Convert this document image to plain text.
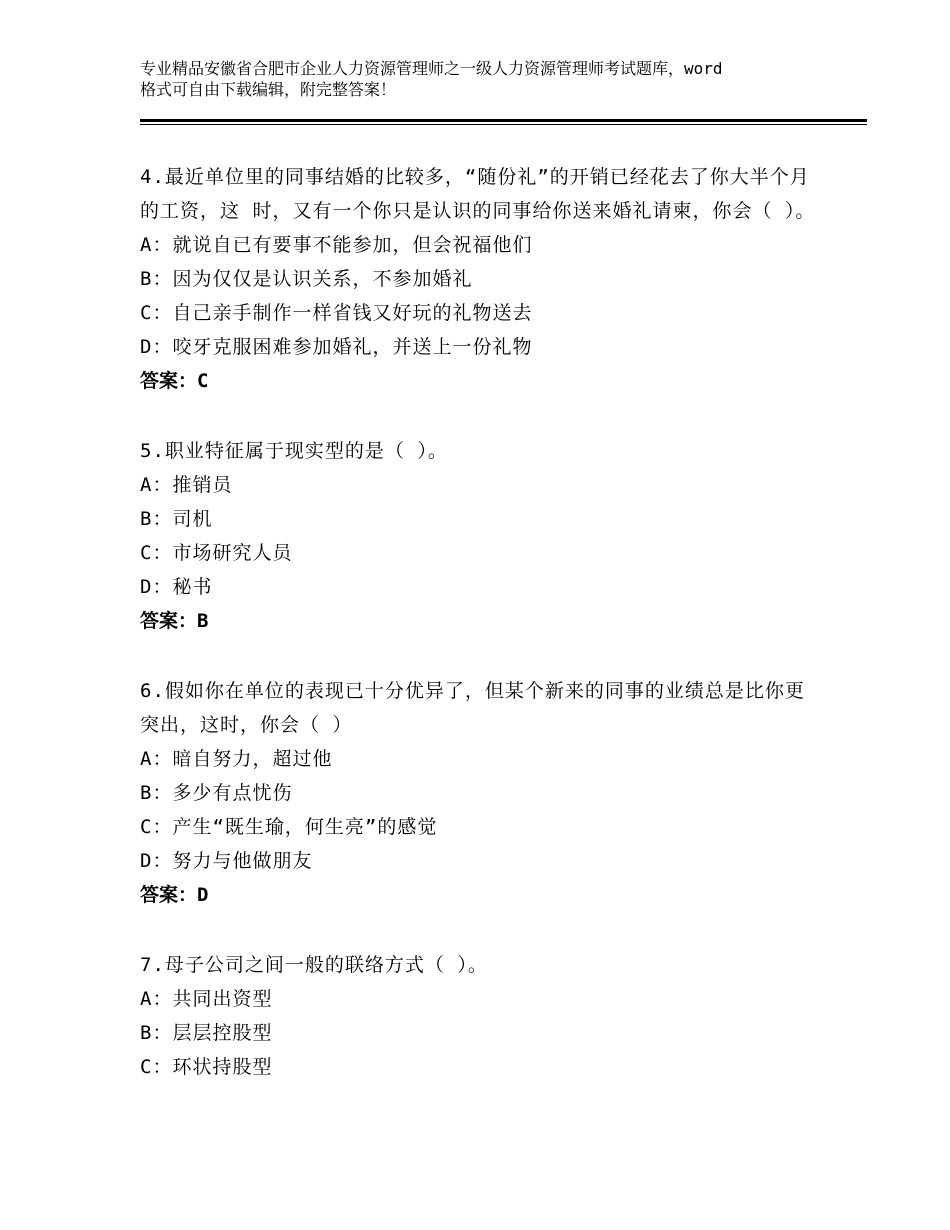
专业精品安徽省合肥市企业人力资源管理师之一级人力资源管理师考试题库，word
格式可自由下载编辑，附完整答案！

4.最近单位里的同事结婚的比较多，“随份礼”的开销已经花去了你大半个月的工资，这 时，又有一个你只是认识的同事给你送来婚礼请柬，你会（ ）。

A：就说自已有要事不能参加，但会祝福他们

B：因为仅仅是认识关系，不参加婚礼

C：自己亲手制作一样省钱又好玩的礼物送去

D：咬牙克服困难参加婚礼，并送上一份礼物

答案：C

5.职业特征属于现实型的是（ ）。

A：推销员

B：司机

C：市场研究人员

D：秘书

答案：B

6.假如你在单位的表现已十分优异了，但某个新来的同事的业绩总是比你更突出，这时，你会（ ）

A：暗自努力，超过他

B：多少有点忧伤

C：产生“既生瑜，何生亮”的感觉

D：努力与他做朋友

答案：D

7.母子公司之间一般的联络方式（ ）。

A：共同出资型

B：层层控股型

C：环状持股型
